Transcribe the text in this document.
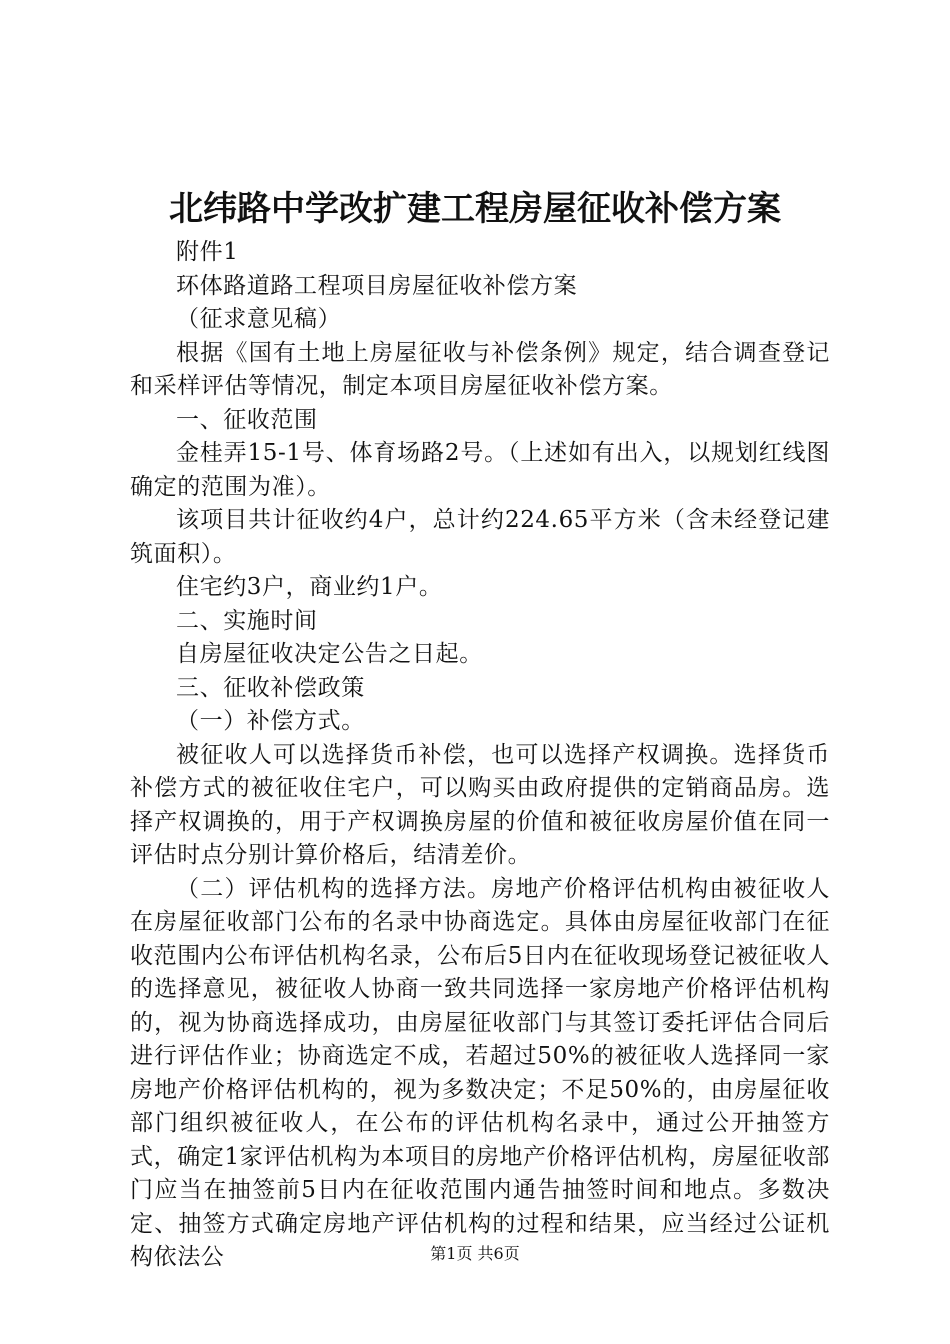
北纬路中学改扩建工程房屋征收补偿方案

附件1

环体路道路工程项目房屋征收补偿方案

（征求意见稿）

根据《国有土地上房屋征收与补偿条例》规定，结合调查登记和采样评估等情况，制定本项目房屋征收补偿方案。

一、征收范围

金桂弄15-1号、体育场路2号。（上述如有出入，以规划红线图确定的范围为准）。

该项目共计征收约4户，总计约224.65平方米（含未经登记建筑面积）。

住宅约3户，商业约1户。

二、实施时间

自房屋征收决定公告之日起。

三、征收补偿政策

（一）补偿方式。

被征收人可以选择货币补偿，也可以选择产权调换。选择货币补偿方式的被征收住宅户，可以购买由政府提供的定销商品房。选择产权调换的，用于产权调换房屋的价值和被征收房屋价值在同一评估时点分别计算价格后，结清差价。

（二）评估机构的选择方法。房地产价格评估机构由被征收人在房屋征收部门公布的名录中协商选定。具体由房屋征收部门在征收范围内公布评估机构名录，公布后5日内在征收现场登记被征收人的选择意见，被征收人协商一致共同选择一家房地产价格评估机构的，视为协商选择成功，由房屋征收部门与其签订委托评估合同后进行评估作业；协商选定不成，若超过50%的被征收人选择同一家房地产价格评估机构的，视为多数决定；不足50%的，由房屋征收部门组织被征收人，在公布的评估机构名录中，通过公开抽签方式，确定1家评估机构为本项目的房地产价格评估机构，房屋征收部门应当在抽签前5日内在征收范围内通告抽签时间和地点。多数决定、抽签方式确定房地产评估机构的过程和结果，应当经过公证机构依法公	第1页 共6页
